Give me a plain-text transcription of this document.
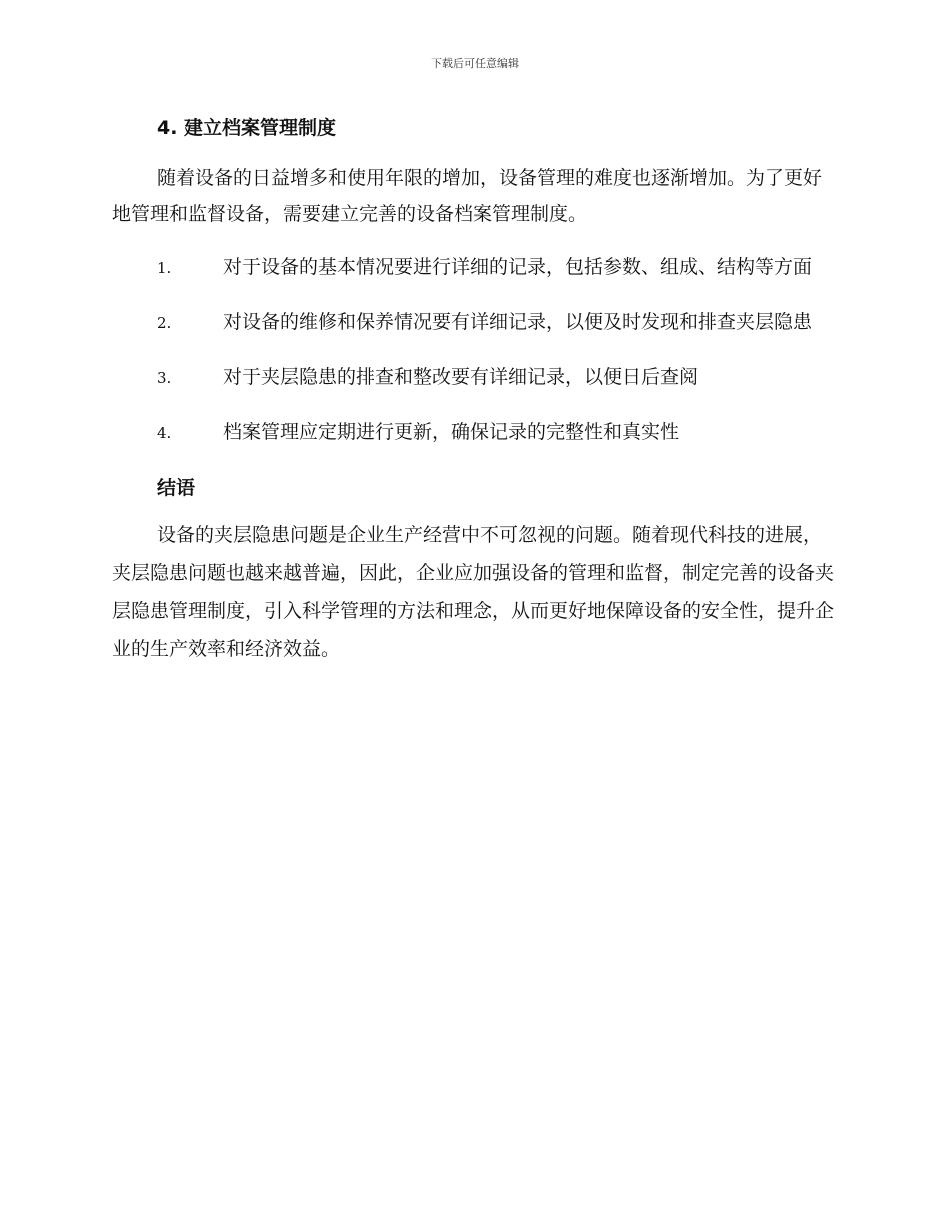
下载后可任意编辑
4. 建立档案管理制度

随着设备的日益增多和使用年限的增加，设备管理的难度也逐渐增加。为了更好地管理和监督设备，需要建立完善的设备档案管理制度。

1.	对于设备的基本情况要进行详细的记录，包括参数、组成、结构等方面
2.	对设备的维修和保养情况要有详细记录，以便及时发现和排查夹层隐患
3.	对于夹层隐患的排查和整改要有详细记录，以便日后查阅
4.	档案管理应定期进行更新，确保记录的完整性和真实性
结语

设备的夹层隐患问题是企业生产经营中不可忽视的问题。随着现代科技的进展，夹层隐患问题也越来越普遍，因此，企业应加强设备的管理和监督，制定完善的设备夹层隐患管理制度，引入科学管理的方法和理念，从而更好地保障设备的安全性，提升企业的生产效率和经济效益。
